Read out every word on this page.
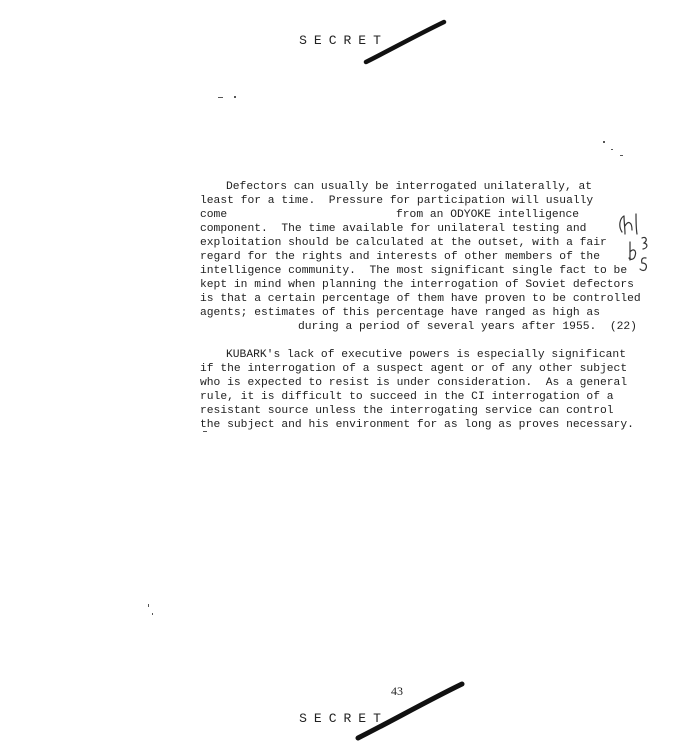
SECRET
Defectors can usually be interrogated unilaterally, at
least for a time.  Pressure for participation will usually
come	from an ODYOKE intelligence
component.  The time available for unilateral testing and
exploitation should be calculated at the outset, with a fair
regard for the rights and interests of other members of the
intelligence community.  The most significant single fact to be
kept in mind when planning the interrogation of Soviet defectors
is that a certain percentage of them have proven to be controlled
agents; estimates of this percentage have ranged as high as
during a period of several years after 1955.  (22)
KUBARK's lack of executive powers is especially significant
if the interrogation of a suspect agent or of any other subject
who is expected to resist is under consideration.  As a general
rule, it is difficult to succeed in the CI interrogation of a
resistant source unless the interrogating service can control
the subject and his environment for as long as proves necessary.
43
SECRET
